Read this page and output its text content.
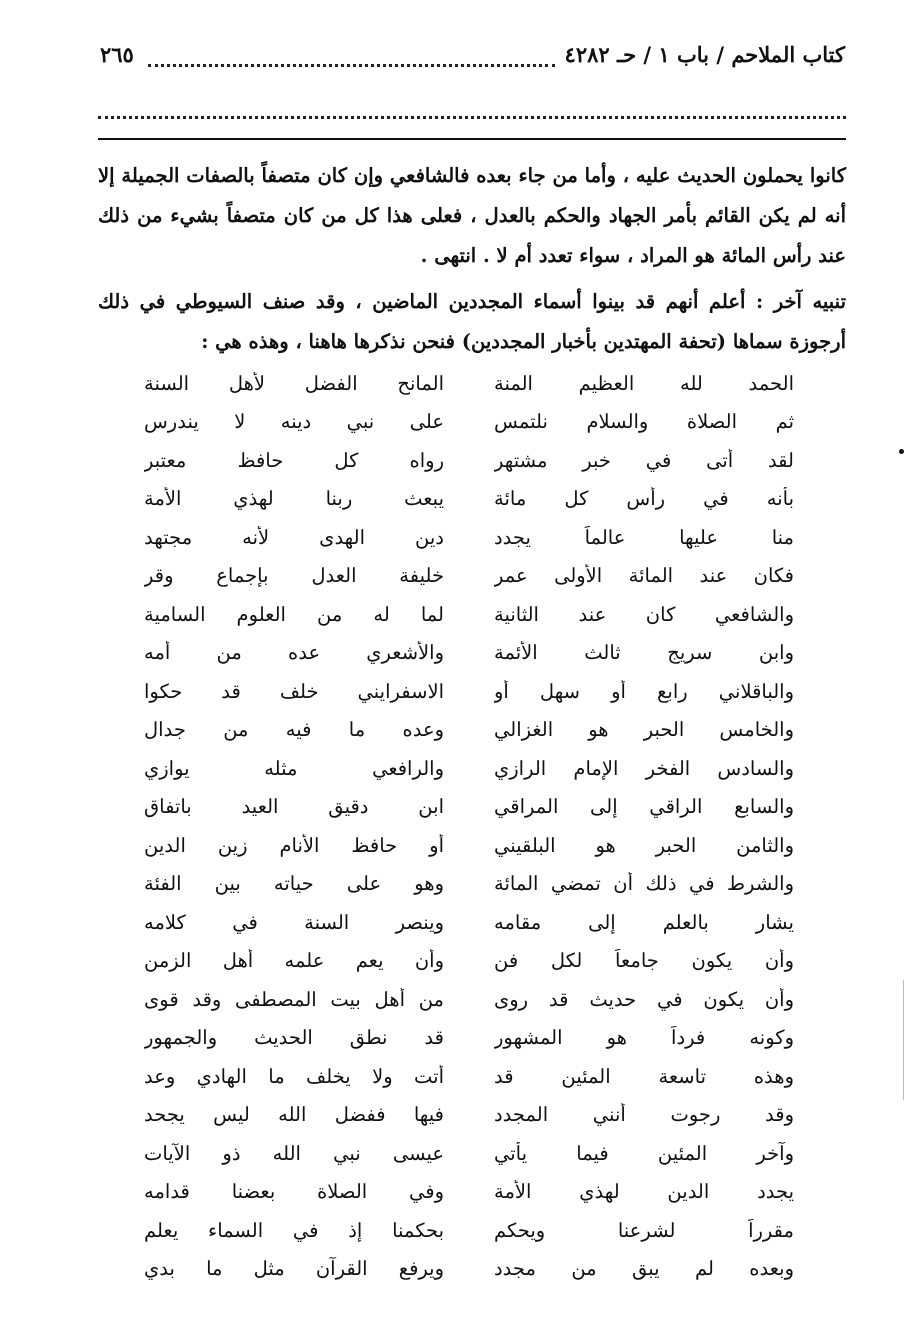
كتاب الملاحم / باب ١ / حـ ٤٢٨٢
٢٦٥

كانوا يحملون الحديث عليه ، وأما من جاء بعده فالشافعي وإن كان متصفاً بالصفات الجميلة إلا أنه لم يكن القائم بأمر الجهاد والحكم بالعدل ، فعلى هذا كل من كان متصفاً بشيء من ذلك عند رأس المائة هو المراد ، سواء تعدد أم لا . انتهى .

تنبيه آخر : أعلم أنهم قد بينوا أسماء المجددين الماضين ، وقد صنف السيوطي في ذلك أرجوزة سماها (تحفة المهتدين بأخبار المجددين) فنحن نذكرها هاهنا ، وهذه هي :

الحمد لله العظيم المنة
المانح الفضل لأهل السنة
ثم الصلاة والسلام نلتمس
على نبي دينه لا يندرس
لقد أتى في خبر مشتهر
رواه كل حافظ معتبر
بأنه في رأس كل مائة
يبعث ربنا لهذي الأمة
منا عليها عالماً يجدد
دين الهدى لأنه مجتهد
فكان عند المائة الأولى عمر
خليفة العدل بإجماع وقر
والشافعي كان عند الثانية
لما له من العلوم السامية
وابن سريج ثالث الأئمة
والأشعري عده من أمه
والباقلاني رابع أو سهل أو
الاسفرايني خلف قد حكوا
والخامس الحبر هو الغزالي
وعده ما فيه من جدال
والسادس الفخر الإمام الرازي
والرافعي مثله يوازي
والسابع الراقي إلى المراقي
ابن دقيق العيد باتفاق
والثامن الحبر هو البلقيني
أو حافظ الأنام زين الدين
والشرط في ذلك أن تمضي المائة
وهو على حياته بين الفئة
يشار بالعلم إلى مقامه
وينصر السنة في كلامه
وأن يكون جامعاً لكل فن
وأن يعم علمه أهل الزمن
وأن يكون في حديث قد روى
من أهل بيت المصطفى وقد قوى
وكونه فرداً هو المشهور
قد نطق الحديث والجمهور
وهذه تاسعة المئين قد
أتت ولا يخلف ما الهادي وعد
وقد رجوت أنني المجدد
فيها ففضل الله ليس يجحد
وآخر المئين فيما يأتي
عيسى نبي الله ذو الآيات
يجدد الدين لهذي الأمة
وفي الصلاة بعضنا قدامه
مقرراً لشرعنا ويحكم
بحكمنا إذ في السماء يعلم
وبعده لم يبق من مجدد
ويرفع القرآن مثل ما بدي
